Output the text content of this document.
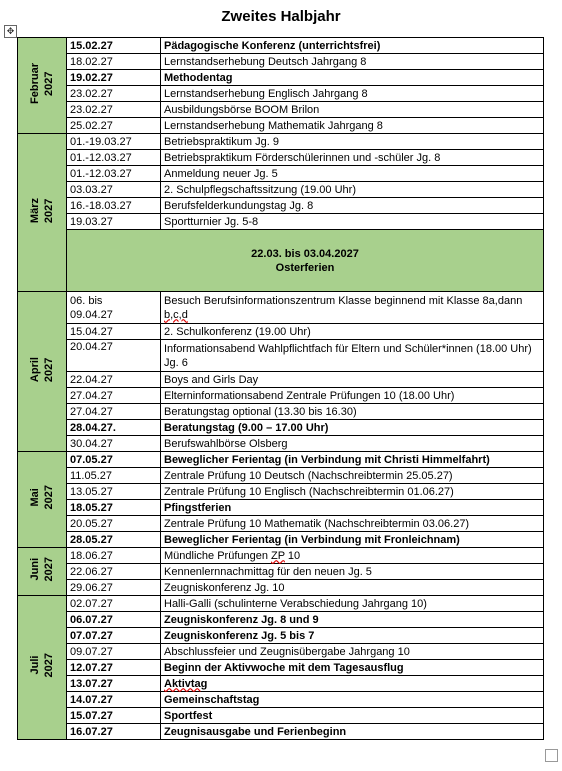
Zweites Halbjahr
✥
Februar
2027	15.02.27	Pädagogische Konferenz (unterrichtsfrei)
	18.02.27	Lernstandserhebung Deutsch Jahrgang 8
	19.02.27	Methodentag
	23.02.27	Lernstandserhebung Englisch Jahrgang 8
	23.02.27	Ausbildungsbörse BOOM Brilon
	25.02.27	Lernstandserhebung Mathematik Jahrgang 8
März
2027	01.-19.03.27	Betriebspraktikum Jg. 9
	01.-12.03.27	Betriebspraktikum Förderschülerinnen und -schüler Jg. 8
	01.-12.03.27	Anmeldung neuer Jg. 5
	03.03.27	2. Schulpflegschaftssitzung (19.00 Uhr)
	16.-18.03.27	Berufsfelderkundungstag Jg. 8
	19.03.27	Sportturnier Jg. 5-8

	22.03. bis 03.04.2027
Osterferien	

April
2027	06. bis
09.04.27	Besuch Berufsinformationszentrum Klasse beginnend mit Klasse 8a,dann b,c,d
	15.04.27	2. Schulkonferenz (19.00 Uhr)
	20.04.27	Informationsabend Wahlpflichtfach für Eltern und Schüler*innen (18.00 Uhr) Jg. 6
	22.04.27	Boys and Girls Day
	27.04.27	Elterninformationsabend Zentrale Prüfungen 10 (18.00 Uhr)
	27.04.27	Beratungstag optional (13.30 bis 16.30)
	28.04.27.	Beratungstag (9.00 – 17.00 Uhr)
	30.04.27	Berufswahlbörse Olsberg
Mai
2027	07.05.27	Beweglicher Ferientag (in Verbindung mit Christi Himmelfahrt)
	11.05.27	Zentrale Prüfung 10 Deutsch (Nachschreibtermin 25.05.27)
	13.05.27	Zentrale Prüfung 10 Englisch (Nachschreibtermin 01.06.27)
	18.05.27	Pfingstferien
	20.05.27	Zentrale Prüfung 10 Mathematik (Nachschreibtermin 03.06.27)
	28.05.27	Beweglicher Ferientag (in Verbindung mit Fronleichnam)
Juni
2027	18.06.27	Mündliche Prüfungen ZP 10
	22.06.27	Kennenlernnachmittag für den neuen Jg. 5
	29.06.27	Zeugniskonferenz Jg. 10
Juli
2027	02.07.27	Halli-Galli (schulinterne Verabschiedung Jahrgang 10)
	06.07.27	Zeugniskonferenz Jg. 8 und 9
	07.07.27	Zeugniskonferenz Jg. 5 bis 7
	09.07.27	Abschlussfeier und Zeugnisübergabe Jahrgang 10
	12.07.27	Beginn der Aktivwoche mit dem Tagesausflug
	13.07.27	Aktivtag
	14.07.27	Gemeinschaftstag
	15.07.27	Sportfest
	16.07.27	Zeugnisausgabe und Ferienbeginn
